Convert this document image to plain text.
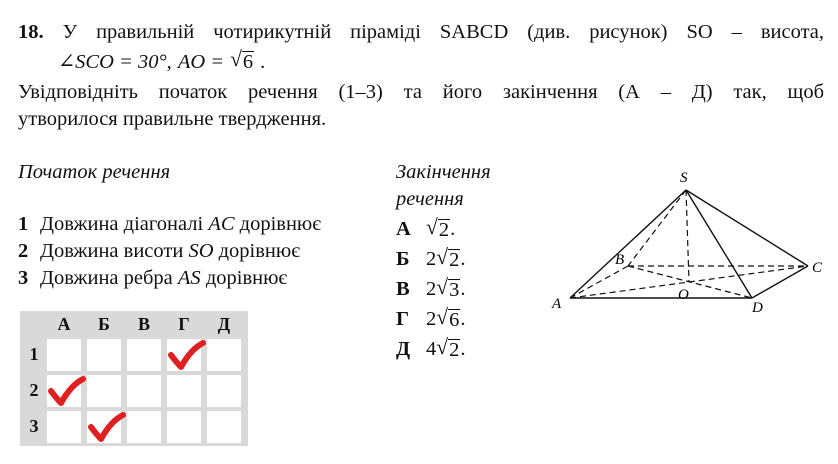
18. У правильній чотирикутній піраміді SABCD (див. рисунок) SO – висота,
∠SCO = 30°, AO = √ 6 .
Увідповідніть початок речення (1–3) та його закінчення (А – Д) так, щоб
утворилося правильне твердження.
Початок речення
1 Довжина діагоналі AC дорівнює
2 Довжина висоти SO дорівнює
3 Довжина ребра AS дорівнює
Закінчення
речення
А √ 2 .
Б 2 √ 2 .
В 2 √ 3 .
Г 2 √ 6 .
Д 4 √ 2 .
А	Б	В	Г	Д
1
2
3
S
A
B	C
D
O
